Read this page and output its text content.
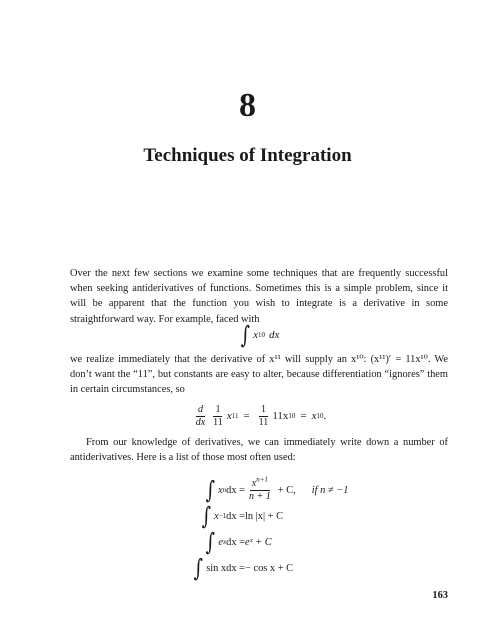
8
Techniques of Integration

Over the next few sections we examine some techniques that are frequently successful when seeking antiderivatives of functions. Sometimes this is a simple problem, since it will be apparent that the function you wish to integrate is a derivative in some straightforward way. For example, faced with

∫ x 10 dx

we realize immediately that the derivative of x¹¹ will supply an x¹⁰: (x¹¹)′ = 11x¹⁰. We don’t want the “11”, but constants are easy to alter, because differentiation “ignores” them in certain circumstances, so

$\frac{d}{dx} \frac{1}{11}$ x $11 = \frac{1}{11} 11x$ 10 = x 10 .

From our knowledge of derivatives, we can immediately write down a number of antiderivatives. Here is a list of those most often used:

∫ x n dx = $\frac{x^{n+1}}{n + 1} + C$, if n ≠ −1
∫ x −1 dx = ln |x| + C
∫ e x dx = eˣ + C
∫ sin x dx = − cos x + C
163
